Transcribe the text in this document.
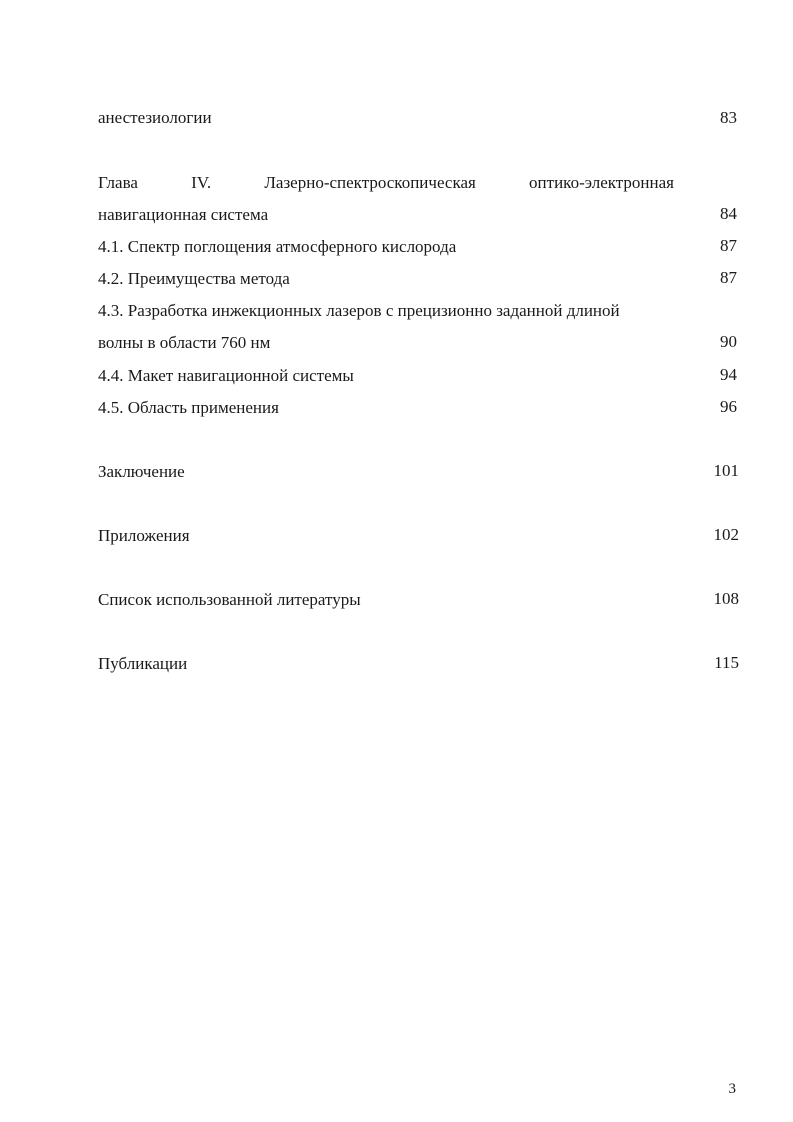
анестезиологии	83
Глава IV. Лазерно-спектроскопическая оптико-электронная
навигационная система	84
4.1. Спектр поглощения атмосферного кислорода	87
4.2. Преимущества метода	87
4.3. Разработка инжекционных лазеров с прецизионно заданной длиной
волны в области 760 нм	90
4.4. Макет навигационной системы	94
4.5. Область применения	96
Заключение	101
Приложения	102
Список использованной литературы	108
Публикации	115
3
